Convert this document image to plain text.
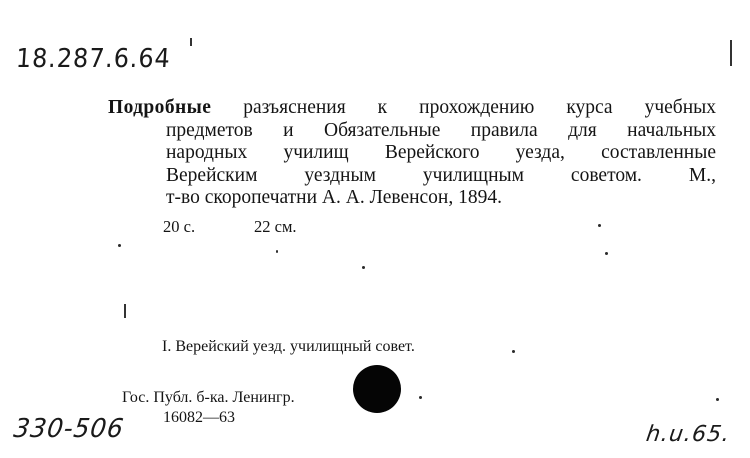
18.287.6.64
Подробные разъяснения к прохождению курса учебных
предметов и Обязательные правила для начальных
народных училищ Верейского уезда, составленные
Верейским уездным училищным советом. М.,
т-во скоропечатни А. А. Левенсон, 1894.
20 с.	22 см.
I. Верейский уезд. училищный совет.
Гос. Публ. б-ка. Ленингр.
16082—63
330-506	h.u.65.
